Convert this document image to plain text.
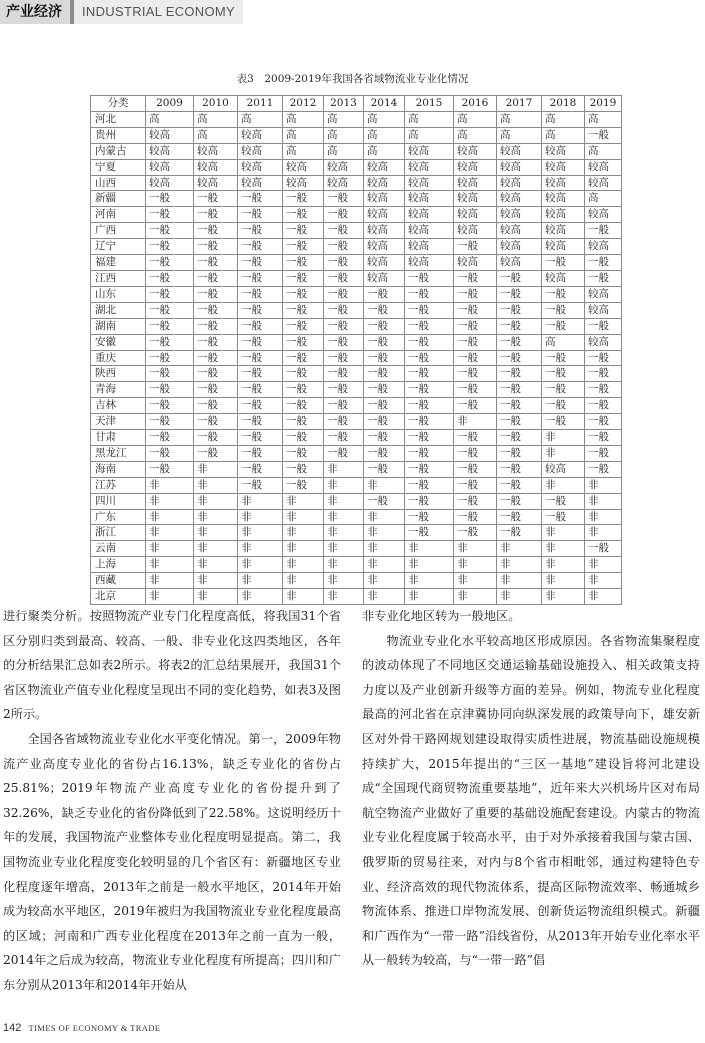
产业经济	INDUSTRIAL ECONOMY
表3　2009-2019年我国各省域物流业专业化情况
分类	2009	2010	2011	2012	2013	2014	2015	2016	2017	2018	2019
河北	高	高	高	高	高	高	高	高	高	高	高
贵州	较高	高	较高	高	高	高	高	高	高	高	一般
内蒙古	较高	较高	较高	高	高	高	较高	较高	较高	较高	高
宁夏	较高	较高	较高	较高	较高	较高	较高	较高	较高	较高	较高
山西	较高	较高	较高	较高	较高	较高	较高	较高	较高	较高	较高
新疆	一般	一般	一般	一般	一般	较高	较高	较高	较高	较高	高
河南	一般	一般	一般	一般	一般	较高	较高	较高	较高	较高	较高
广西	一般	一般	一般	一般	一般	较高	较高	较高	较高	较高	一般
辽宁	一般	一般	一般	一般	一般	较高	较高	一般	较高	较高	较高
福建	一般	一般	一般	一般	一般	较高	较高	较高	较高	一般	一般
江西	一般	一般	一般	一般	一般	较高	一般	一般	一般	较高	一般
山东	一般	一般	一般	一般	一般	一般	一般	一般	一般	一般	较高
湖北	一般	一般	一般	一般	一般	一般	一般	一般	一般	一般	较高
湖南	一般	一般	一般	一般	一般	一般	一般	一般	一般	一般	一般
安徽	一般	一般	一般	一般	一般	一般	一般	一般	一般	高	较高
重庆	一般	一般	一般	一般	一般	一般	一般	一般	一般	一般	一般
陕西	一般	一般	一般	一般	一般	一般	一般	一般	一般	一般	一般
青海	一般	一般	一般	一般	一般	一般	一般	一般	一般	一般	一般
吉林	一般	一般	一般	一般	一般	一般	一般	一般	一般	一般	一般
天津	一般	一般	一般	一般	一般	一般	一般	非	一般	一般	一般
甘肃	一般	一般	一般	一般	一般	一般	一般	一般	一般	非	一般
黑龙江	一般	一般	一般	一般	一般	一般	一般	一般	一般	非	一般
海南	一般	非	一般	一般	非	一般	一般	一般	一般	较高	一般
江苏	非	非	一般	一般	非	非	一般	一般	一般	非	非
四川	非	非	非	非	非	一般	一般	一般	一般	一般	非
广东	非	非	非	非	非	非	一般	一般	一般	一般	非
浙江	非	非	非	非	非	非	一般	一般	一般	非	非
云南	非	非	非	非	非	非	非	非	非	非	一般
上海	非	非	非	非	非	非	非	非	非	非	非
西藏	非	非	非	非	非	非	非	非	非	非	非
北京	非	非	非	非	非	非	非	非	非	非	非

进行聚类分析。按照物流产业专门化程度高低，将我国31个省区分别归类到最高、较高、一般、非专业化这四类地区，各年的分析结果汇总如表2所示。将表2的汇总结果展开，我国31个省区物流业产值专业化程度呈现出不同的变化趋势，如表3及图2所示。

全国各省域物流业专业化水平变化情况。第一，2009年物流产业高度专业化的省份占16.13%，缺乏专业化的省份占25.81%；2019年物流产业高度专业化的省份提升到了32.26%，缺乏专业化的省份降低到了22.58%。这说明经历十年的发展，我国物流产业整体专业化程度明显提高。第二，我国物流业专业化程度变化较明显的几个省区有：新疆地区专业化程度逐年增高，2013年之前是一般水平地区，2014年开始成为较高水平地区，2019年被归为我国物流业专业化程度最高的区域；河南和广西专业化程度在2013年之前一直为一般，2014年之后成为较高，物流业专业化程度有所提高；四川和广东分别从2013年和2014年开始从

非专业化地区转为一般地区。

物流业专业化水平较高地区形成原因。各省物流集聚程度的波动体现了不同地区交通运输基础设施投入、相关政策支持力度以及产业创新升级等方面的差异。例如，物流专业化程度最高的河北省在京津冀协同向纵深发展的政策导向下，雄安新区对外骨干路网规划建设取得实质性进展，物流基础设施规模持续扩大，2015年提出的“三区一基地”建设旨将河北建设成“全国现代商贸物流重要基地”，近年来大兴机场片区对布局航空物流产业做好了重要的基础设施配套建设。内蒙古的物流业专业化程度属于较高水平，由于对外承接着我国与蒙古国、俄罗斯的贸易往来，对内与8个省市相毗邻，通过构建特色专业、经济高效的现代物流体系，提高区际物流效率、畅通城乡物流体系、推进口岸物流发展、创新货运物流组织模式。新疆和广西作为“一带一路”沿线省份，从2013年开始专业化率水平从一般转为较高，与“一带一路”倡

142 TIMES OF ECONOMY & TRADE
